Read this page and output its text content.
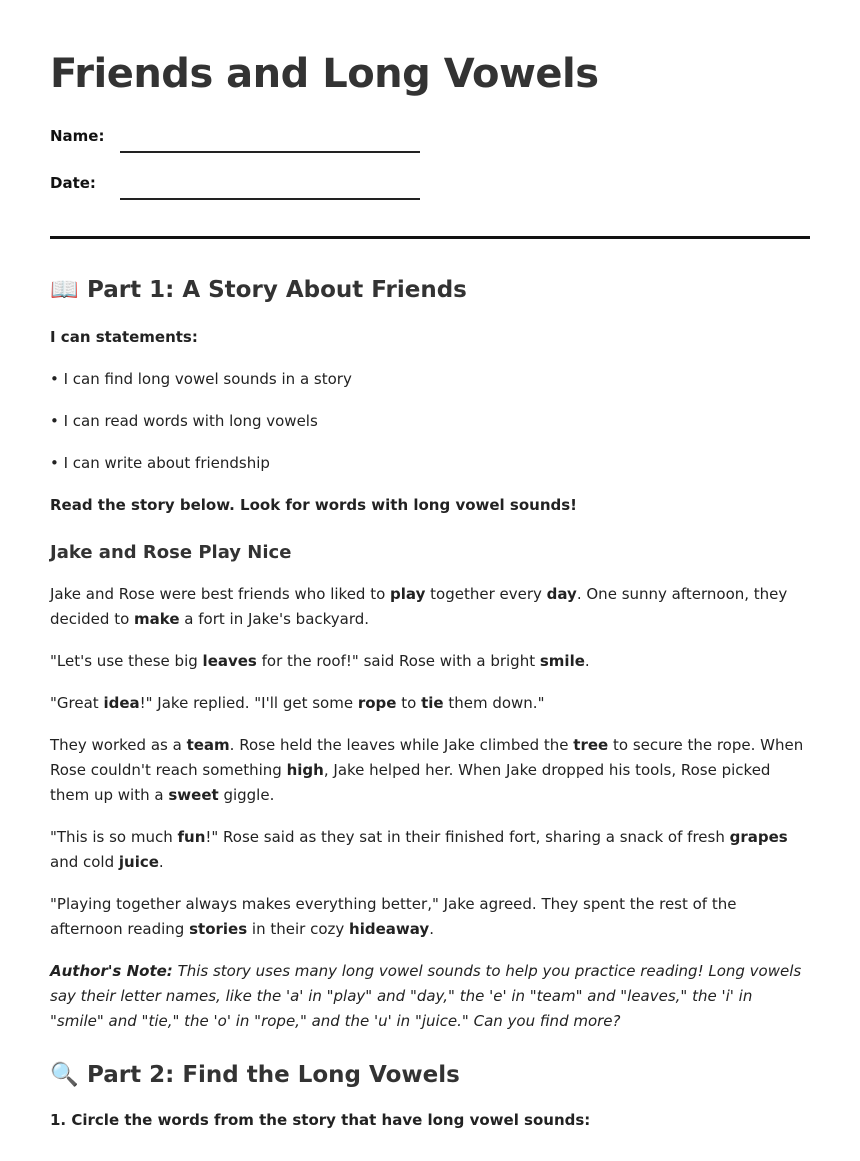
Friends and Long Vowels
Name:
Date:
📖 Part 1: A Story About Friends

I can statements:

• I can find long vowel sounds in a story

• I can read words with long vowels

• I can write about friendship

Read the story below. Look for words with long vowel sounds!

Jake and Rose Play Nice

Jake and Rose were best friends who liked to play together every day. One sunny afternoon, they decided to make a fort in Jake's backyard.

"Let's use these big leaves for the roof!" said Rose with a bright smile.

"Great idea!" Jake replied. "I'll get some rope to tie them down."

They worked as a team. Rose held the leaves while Jake climbed the tree to secure the rope. When Rose couldn't reach something high, Jake helped her. When Jake dropped his tools, Rose picked them up with a sweet giggle.

"This is so much fun!" Rose said as they sat in their finished fort, sharing a snack of fresh grapes and cold juice.

"Playing together always makes everything better," Jake agreed. They spent the rest of the afternoon reading stories in their cozy hideaway.

Author's Note: This story uses many long vowel sounds to help you practice reading! Long vowels say their letter names, like the 'a' in "play" and "day," the 'e' in "team" and "leaves," the 'i' in "smile" and "tie," the 'o' in "rope," and the 'u' in "juice." Can you find more?

🔍 Part 2: Find the Long Vowels

1. Circle the words from the story that have long vowel sounds:
